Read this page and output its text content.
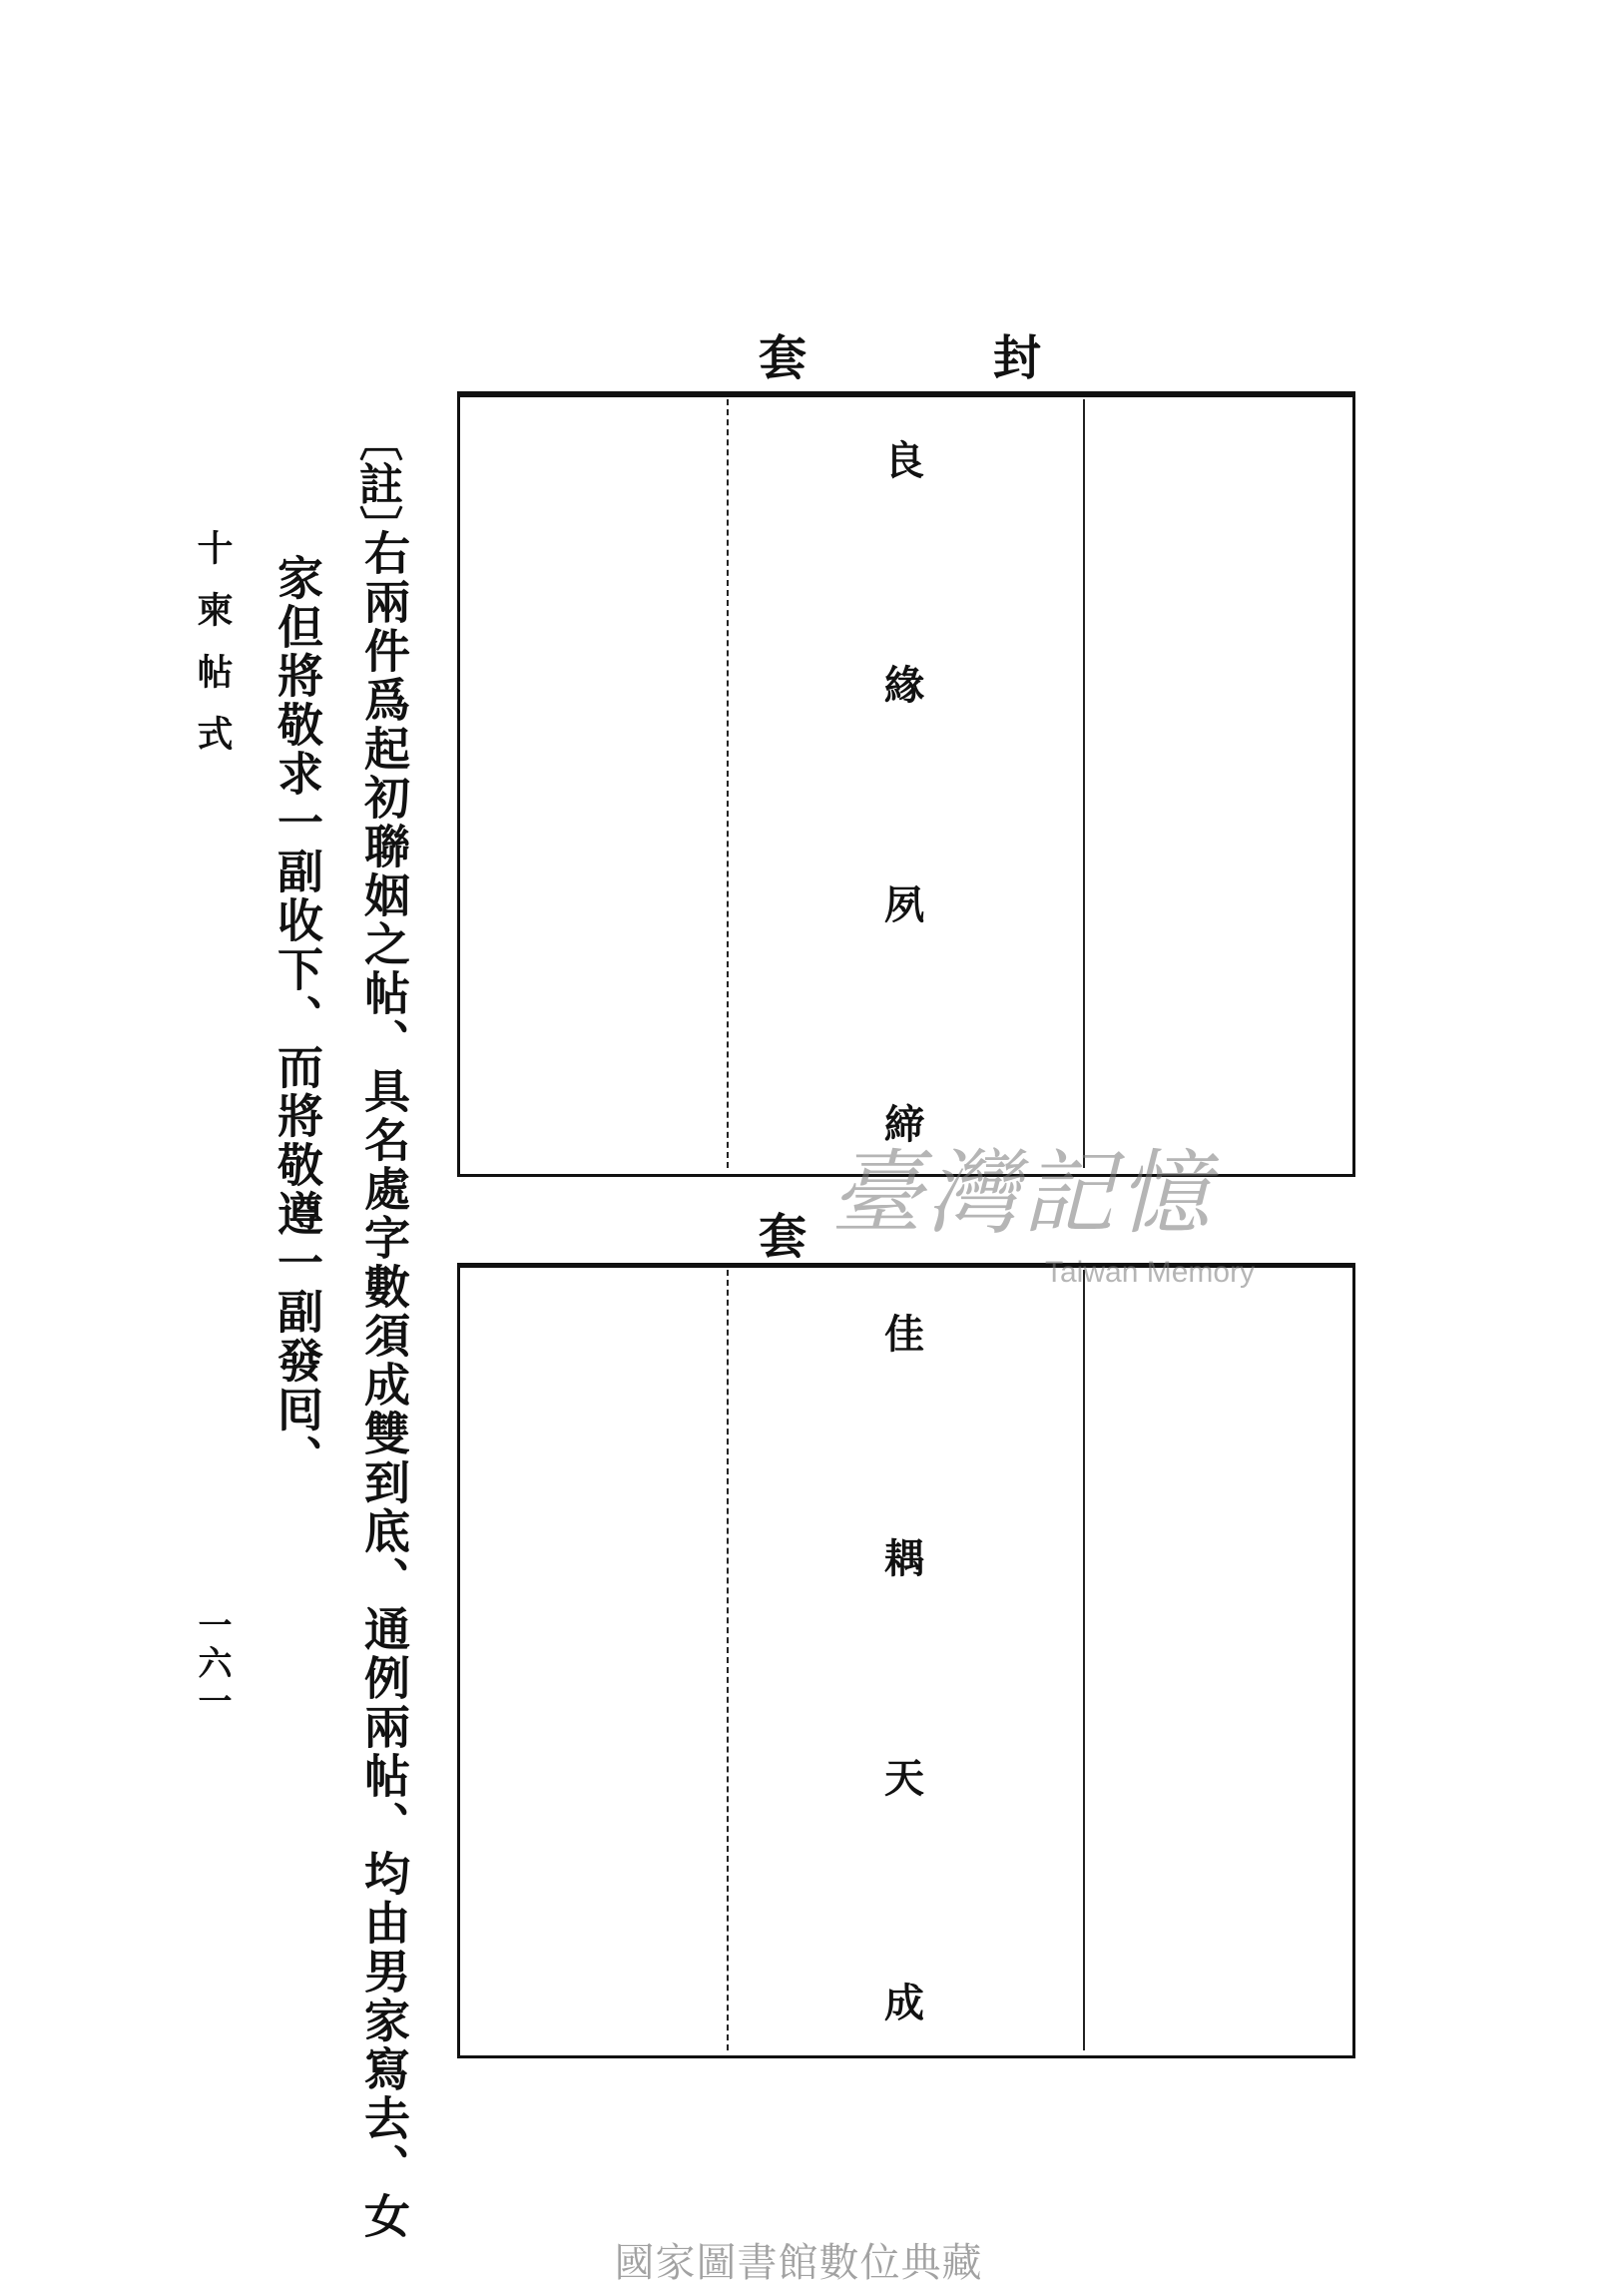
套	封
套
良
緣
夙
締
佳
耦
天
成
〔註〕
右兩件爲起初聯姻之帖、具名處字數須成雙到底、通例兩帖、均由男家寫去、女
家但將敬求一副收下、而將敬遵一副發囘、
十柬帖式
一六一
臺灣記憶
Taiwan Memory
國家圖書館數位典藏
